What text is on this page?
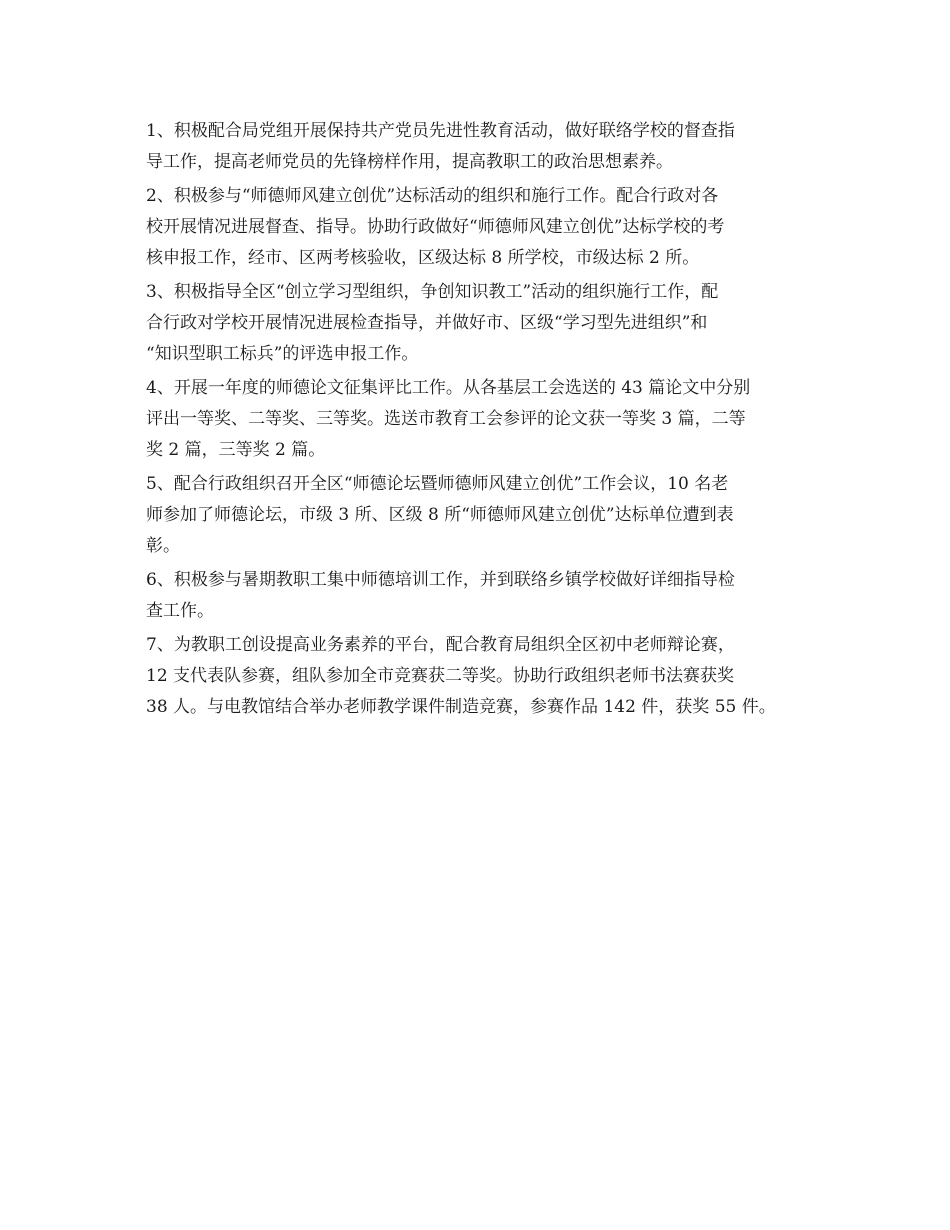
1、积极配合局党组开展保持共产党员先进性教育活动，做好联络学校的督查指
导工作，提高老师党员的先锋榜样作用，提高教职工的政治思想素养。

2、积极参与“师德师风建立创优”达标活动的组织和施行工作。配合行政对各
校开展情况进展督查、指导。协助行政做好“师德师风建立创优”达标学校的考
核申报工作，经市、区两考核验收，区级达标 8 所学校，市级达标 2 所。

3、积极指导全区“创立学习型组织，争创知识教工”活动的组织施行工作，配
合行政对学校开展情况进展检查指导，并做好市、区级“学习型先进组织”和
“知识型职工标兵”的评选申报工作。

4、开展一年度的师德论文征集评比工作。从各基层工会选送的 43 篇论文中分别
评出一等奖、二等奖、三等奖。选送市教育工会参评的论文获一等奖 3 篇，二等
奖 2 篇，三等奖 2 篇。

5、配合行政组织召开全区“师德论坛暨师德师风建立创优”工作会议，10 名老
师参加了师德论坛，市级 3 所、区级 8 所“师德师风建立创优”达标单位遭到表
彰。

6、积极参与暑期教职工集中师德培训工作，并到联络乡镇学校做好详细指导检
查工作。

7、为教职工创设提高业务素养的平台，配合教育局组织全区初中老师辩论赛，
12 支代表队参赛，组队参加全市竞赛获二等奖。协助行政组织老师书法赛获奖
38 人。与电教馆结合举办老师教学课件制造竞赛，参赛作品 142 件，获奖 55 件。
